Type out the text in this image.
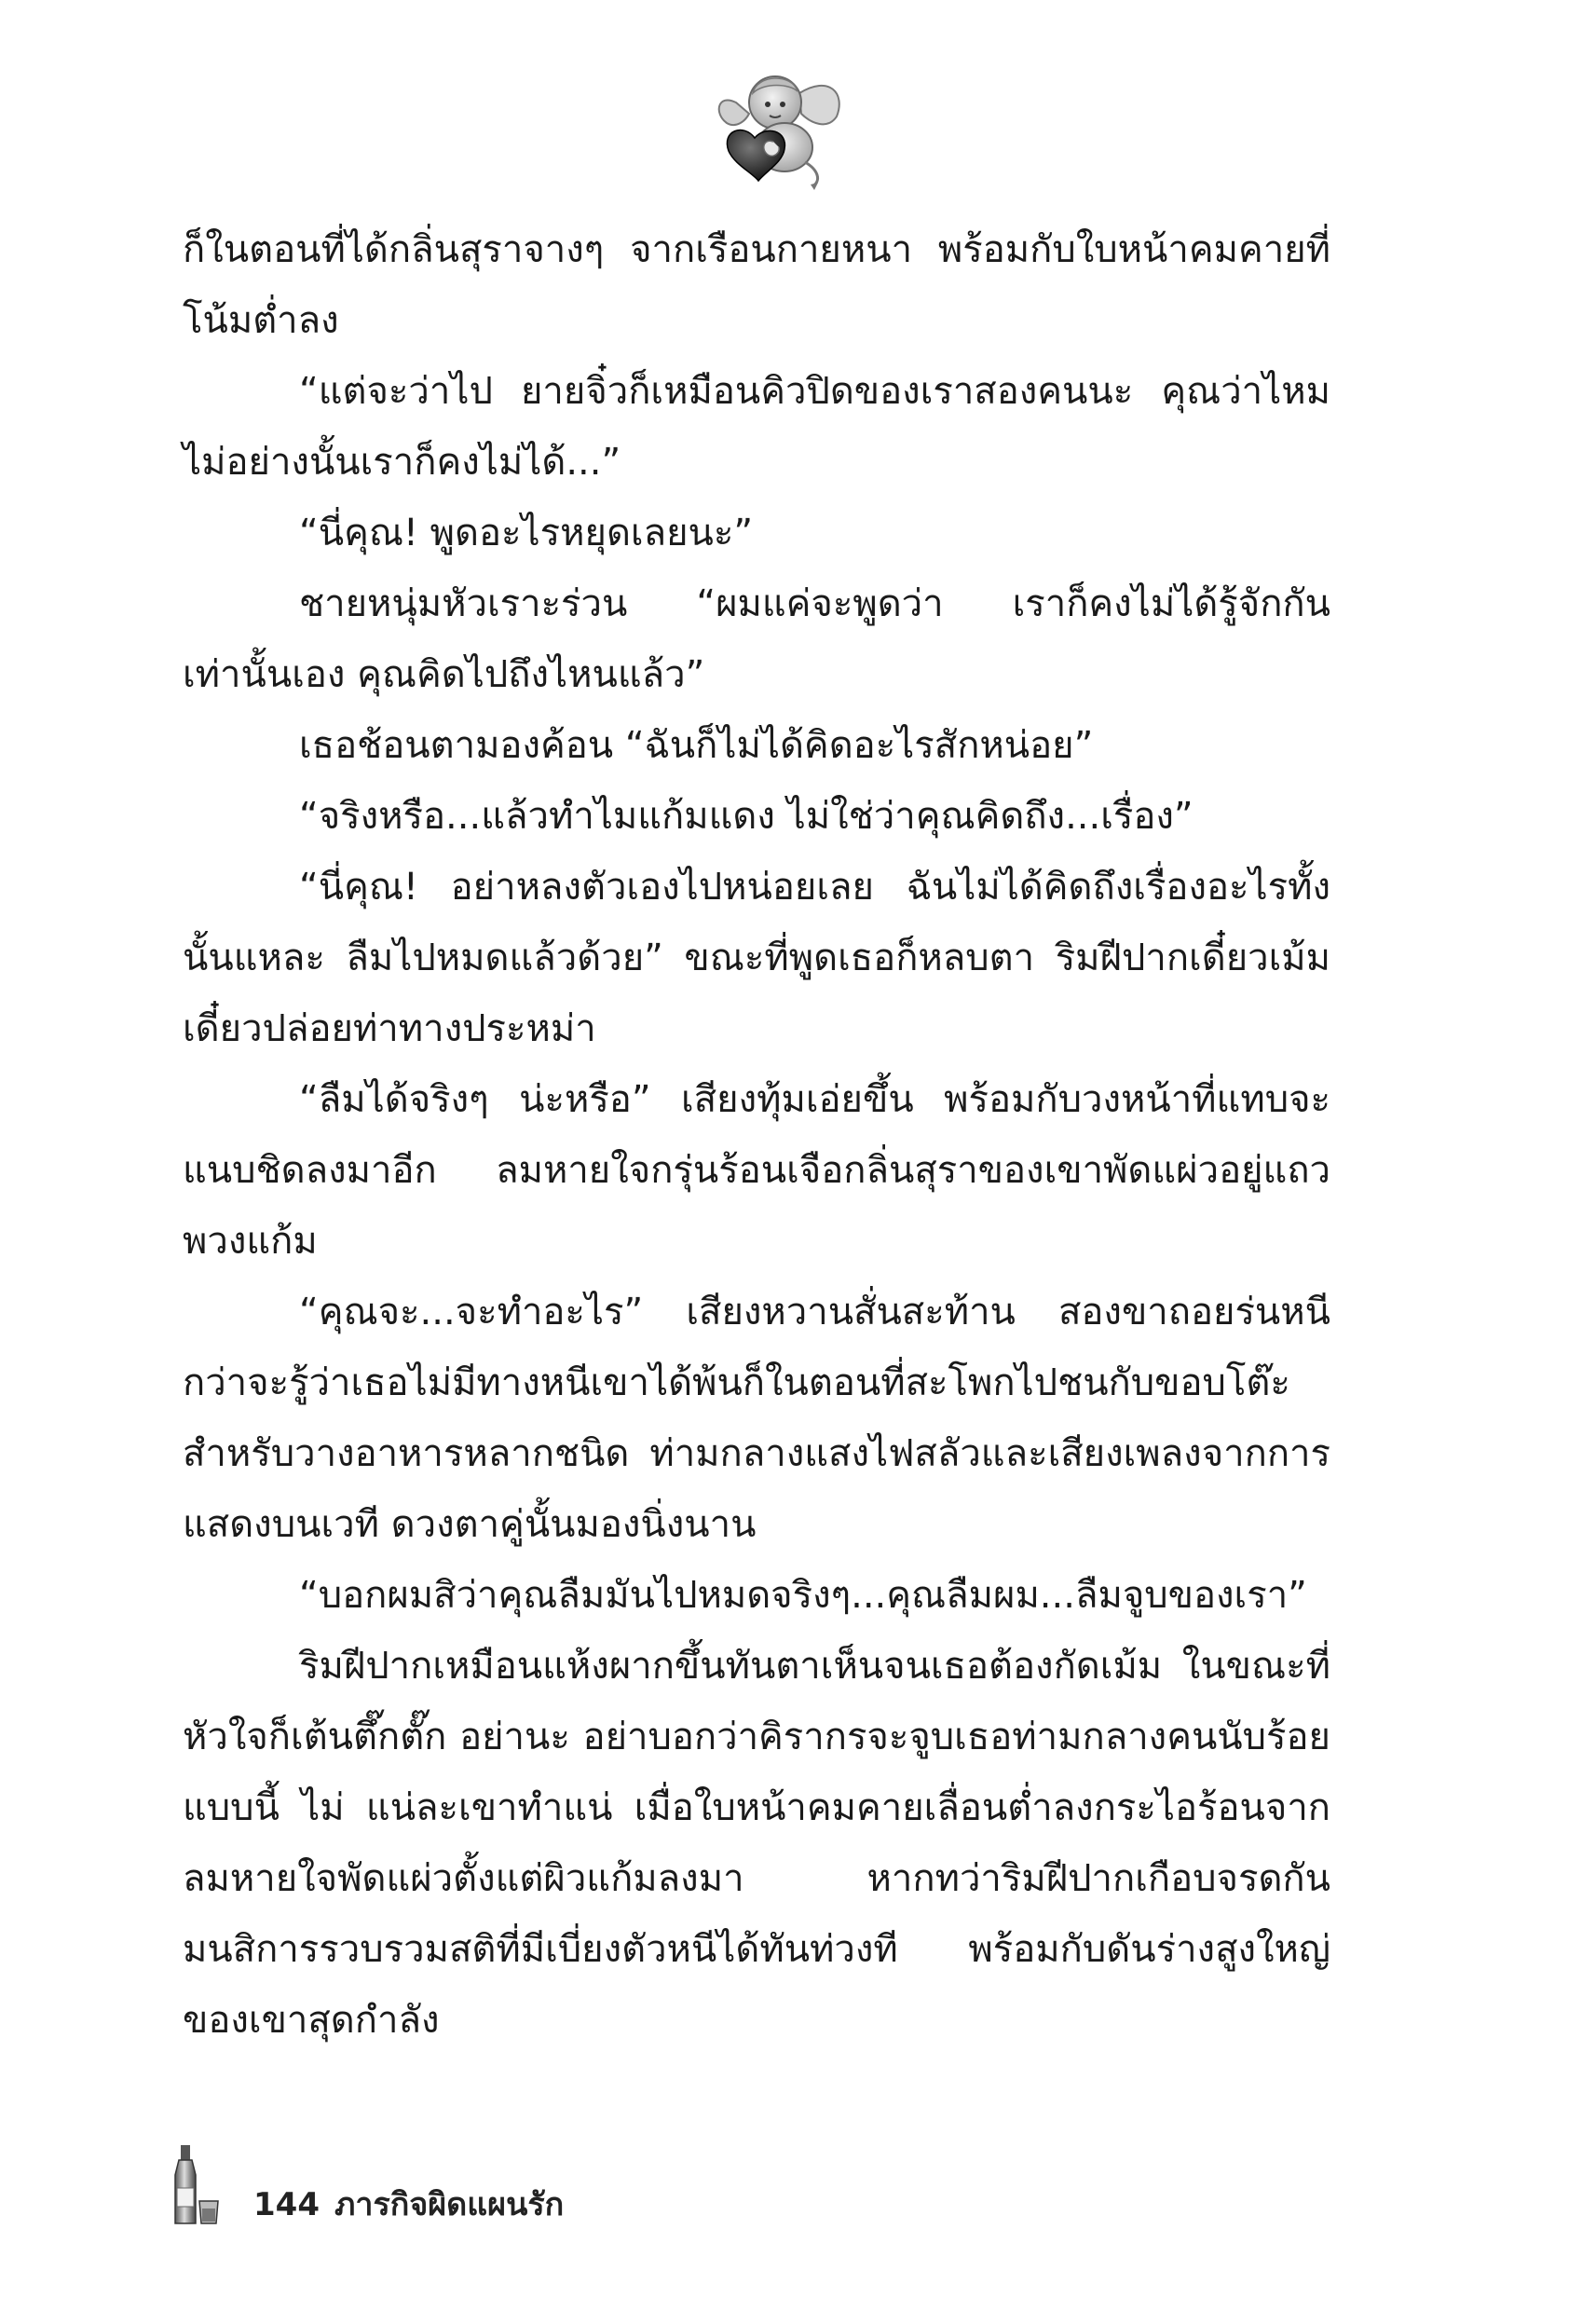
ก็ในตอนที่ได้กลิ่นสุราจางๆ จากเรือนกายหนา พร้อมกับใบหน้าคมคายที่โน้มต่ำลง

“แต่จะว่าไป ยายจิ๋วก็เหมือนคิวปิดของเราสองคนนะ คุณว่าไหม ไม่อย่างนั้นเราก็คงไม่ได้...”

“นี่คุณ! พูดอะไรหยุดเลยนะ”

ชายหนุ่มหัวเราะร่วน “ผมแค่จะพูดว่า เราก็คงไม่ได้รู้จักกัน เท่านั้นเอง คุณคิดไปถึงไหนแล้ว”

เธอช้อนตามองค้อน “ฉันก็ไม่ได้คิดอะไรสักหน่อย”

“จริงหรือ...แล้วทำไมแก้มแดง ไม่ใช่ว่าคุณคิดถึง...เรื่อง”

“นี่คุณ! อย่าหลงตัวเองไปหน่อยเลย ฉันไม่ได้คิดถึงเรื่องอะไรทั้งนั้นแหละ ลืมไปหมดแล้วด้วย” ขณะที่พูดเธอก็หลบตา ริมฝีปากเดี๋ยวเม้มเดี๋ยวปล่อยท่าทางประหม่า

“ลืมได้จริงๆ น่ะหรือ” เสียงทุ้มเอ่ยขึ้น พร้อมกับวงหน้าที่แทบจะแนบชิดลงมาอีก ลมหายใจกรุ่นร้อนเจือกลิ่นสุราของเขาพัดแผ่วอยู่แถวพวงแก้ม

“คุณจะ...จะทำอะไร” เสียงหวานสั่นสะท้าน สองขาถอยร่นหนีกว่าจะรู้ว่าเธอไม่มีทางหนีเขาได้พ้นก็ในตอนที่สะโพกไปชนกับขอบโต๊ะสำหรับวางอาหารหลากชนิด ท่ามกลางแสงไฟสลัวและเสียงเพลงจากการแสดงบนเวที ดวงตาคู่นั้นมองนิ่งนาน

“บอกผมสิว่าคุณลืมมันไปหมดจริงๆ...คุณลืมผม...ลืมจูบของเรา”

ริมฝีปากเหมือนแห้งผากขึ้นทันตาเห็นจนเธอต้องกัดเม้ม ในขณะที่หัวใจก็เต้นตึ๊กตั๊ก อย่านะ อย่าบอกว่าคิรากรจะจูบเธอท่ามกลางคนนับร้อยแบบนี้ ไม่ แน่ละเขาทำแน่ เมื่อใบหน้าคมคายเลื่อนต่ำลงกระไอร้อนจากลมหายใจพัดแผ่วตั้งแต่ผิวแก้มลงมา หากทว่าริมฝีปากเกือบจรดกัน มนสิการรวบรวมสติที่มีเบี่ยงตัวหนีได้ทันท่วงที พร้อมกับดันร่างสูงใหญ่ของเขาสุดกำลัง

144 ภารกิจผิดแผนรัก
